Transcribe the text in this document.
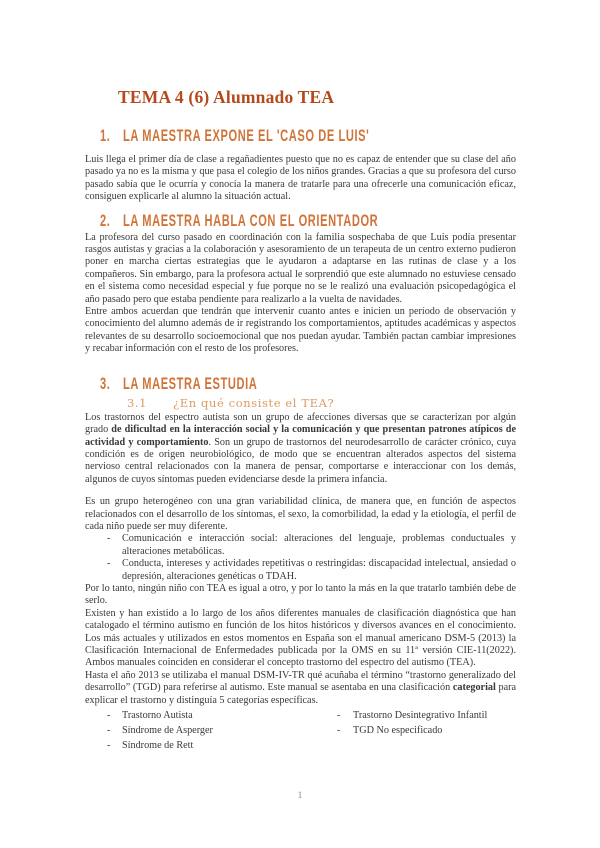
TEMA 4 (6) Alumnado TEA
1. LA MAESTRA EXPONE EL 'CASO DE LUIS'

Luis llega el primer día de clase a regañadientes puesto que no es capaz de entender que su clase del año pasado ya no es la misma y que pasa el colegio de los niños grandes. Gracias a que su profesora del curso pasado sabía que le ocurría y conocía la manera de tratarle para una ofrecerle una comunicación eficaz, consiguen explicarle al alumno la situación actual.

2. LA MAESTRA HABLA CON EL ORIENTADOR

La profesora del curso pasado en coordinación con la familia sospechaba de que Luis podía presentar rasgos autistas y gracias a la colaboración y asesoramiento de un terapeuta de un centro externo pudieron poner en marcha ciertas estrategias que le ayudaron a adaptarse en las rutinas de clase y a los compañeros. Sin embargo, para la profesora actual le sorprendió que este alumnado no estuviese censado en el sistema como necesidad especial y fue porque no se le realizó una evaluación psicopedagógica el año pasado pero que estaba pendiente para realizarlo a la vuelta de navidades.

Entre ambos acuerdan que tendrán que intervenir cuanto antes e inicien un período de observación y conocimiento del alumno además de ir registrando los comportamientos, aptitudes académicas y aspectos relevantes de su desarrollo socioemocional que nos puedan ayudar. También pactan cambiar impresiones y recabar información con el resto de los profesores.

3. LA MAESTRA ESTUDIA
3.1	¿En qué consiste el TEA?

Los trastornos del espectro autista son un grupo de afecciones diversas que se caracterizan por algún grado de dificultad en la interacción social y la comunicación y que presentan patrones atípicos de actividad y comportamiento. Son un grupo de trastornos del neurodesarrollo de carácter crónico, cuya condición es de origen neurobiológico, de modo que se encuentran alterados aspectos del sistema nervioso central relacionados con la manera de pensar, comportarse e interaccionar con los demás, algunos de cuyos síntomas pueden evidenciarse desde la primera infancia.

Es un grupo heterogéneo con una gran variabilidad clínica, de manera que, en función de aspectos relacionados con el desarrollo de los síntomas, el sexo, la comorbilidad, la edad y la etiología, el perfil de cada niño puede ser muy diferente.

- Comunicación e interacción social: alteraciones del lenguaje, problemas conductuales y alteraciones metabólicas.
- Conducta, intereses y actividades repetitivas o restringidas: discapacidad intelectual, ansiedad o depresión, alteraciones genéticas o TDAH.

Por lo tanto, ningún niño con TEA es igual a otro, y por lo tanto la más en la que tratarlo también debe de serlo.

Existen y han existido a lo largo de los años diferentes manuales de clasificación diagnóstica que han catalogado el término autismo en función de los hitos históricos y diversos avances en el conocimiento. Los más actuales y utilizados en estos momentos en España son el manual americano DSM-5 (2013) la Clasificación Internacional de Enfermedades publicada por la OMS en su 11ª versión CIE-11(2022). Ambos manuales coinciden en considerar el concepto trastorno del espectro del autismo (TEA).

Hasta el año 2013 se utilizaba el manual DSM-IV-TR qué acuñaba el término “trastorno generalizado del desarrollo” (TGD) para referirse al autismo. Este manual se asentaba en una clasificación categorial para explicar el trastorno y distinguía 5 categorías específicas.

- Trastorno Autista
- Síndrome de Asperger
- Síndrome de Rett
- Trastorno Desintegrativo Infantil
- TGD No especificado
1
